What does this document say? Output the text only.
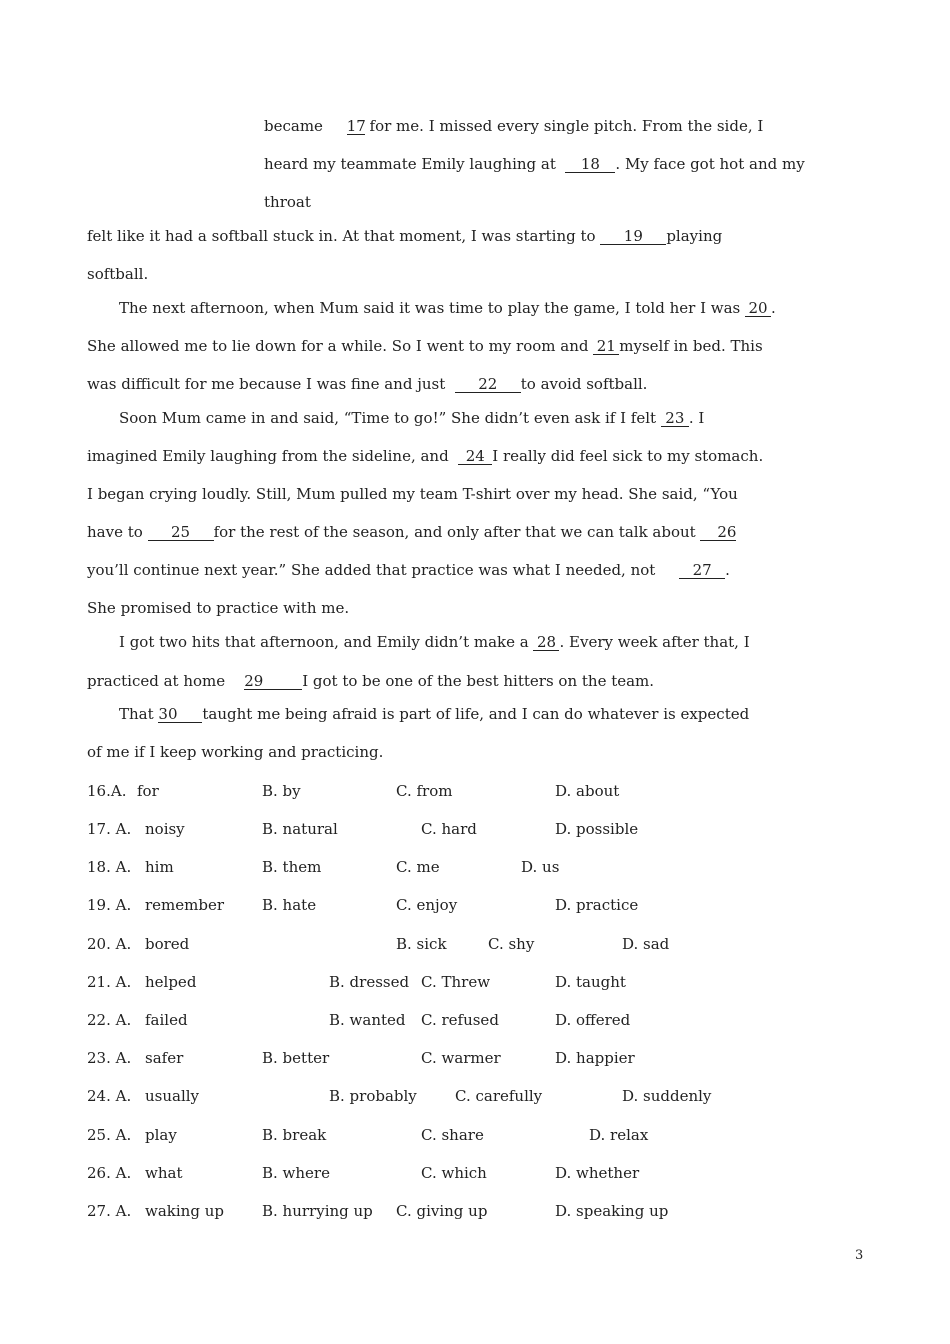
became     17 for me. I missed every single pitch. From the side, I
heard my teammate Emily laughing at  18 . My face got hot and my
throat
felt like it had a softball stuck in. At that moment, I was starting to 19 playing
softball.
The next afternoon, when Mum said it was time to play the game, I told her I was 20 .
She allowed me to lie down for a while. So I went to my room and 21 myself in bed. This
was difficult for me because I was fine and just  22 to avoid softball.
Soon Mum came in and said, “Time to go!” She didn’t even ask if I felt 23 . I
imagined Emily laughing from the sideline, and  24 I really did feel sick to my stomach.
I began crying loudly. Still, Mum pulled my team T-shirt over my head. She said, “You
have to 25 for the rest of the season, and only after that we can talk about 26
you’ll continue next year.” She added that practice was what I needed, not     27 .
She promised to practice with me.
I got two hits that afternoon, and Emily didn’t make a 28 . Every week after that, I
practiced at home    29	I got to be one of the best hitters on the team.
That 30 taught me being afraid is part of life, and I can do whatever is expected
of me if I keep working and practicing.
16.A. for	B. by	C. from	D. about
17. A. noisy	B. natural	C. hard	D. possible
18. A. him	B. them	C. me	D. us
19. A. remember	B. hate	C. enjoy	D. practice
20. A. bored	B. sick	C. shy	D. sad
21. A. helped	B. dressed C. Threw	D. taught
22. A. failed	B. wanted C. refused	D. offered
23. A. safer	B. better	C. warmer	D. happier
24. A. usually	B. probably	C. carefully	D. suddenly
25. A. play	B. break	C. share	D. relax
26. A. what	B. where	C. which	D. whether
27. A. waking up	B. hurrying up C. giving up	D. speaking up
3
